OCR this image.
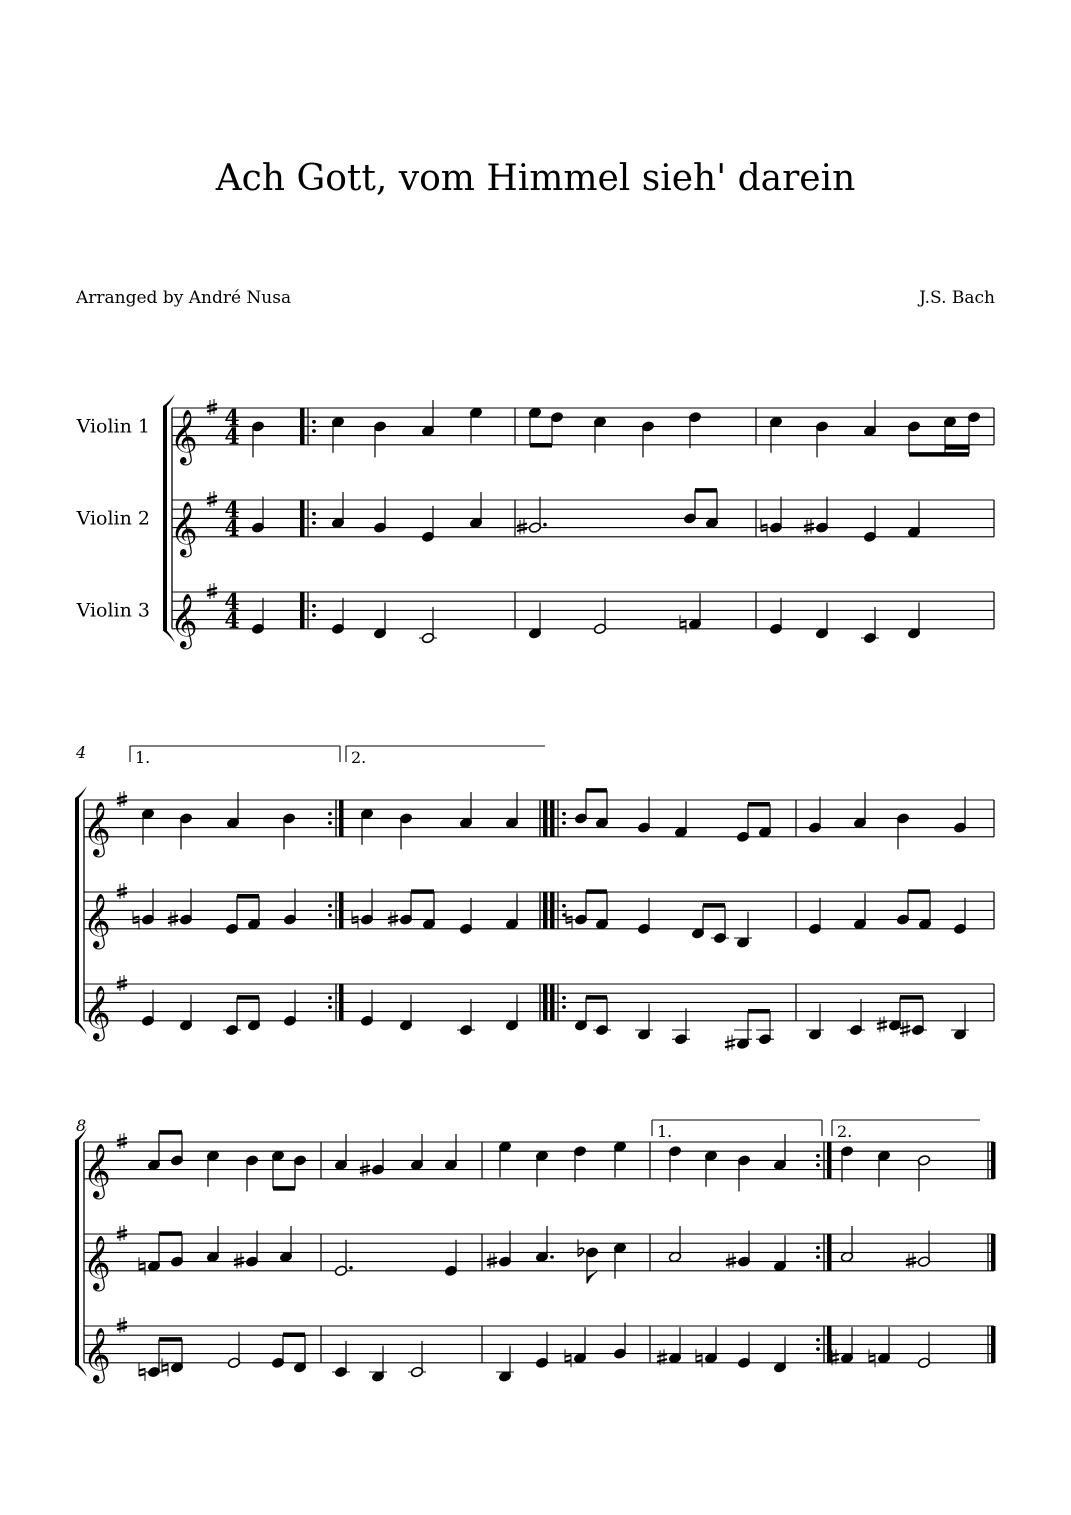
Ach Gott, vom Himmel sieh' darein
Arranged by André Nusa	J.S. Bach
𝄞 4
4
Violin 1
𝄞 4
4
Violin 2
𝄞 4
4
Violin 3
𝄞
𝄞
𝄞
4	1.	2.
𝄞
𝄞
𝄞
8	1.	2.
